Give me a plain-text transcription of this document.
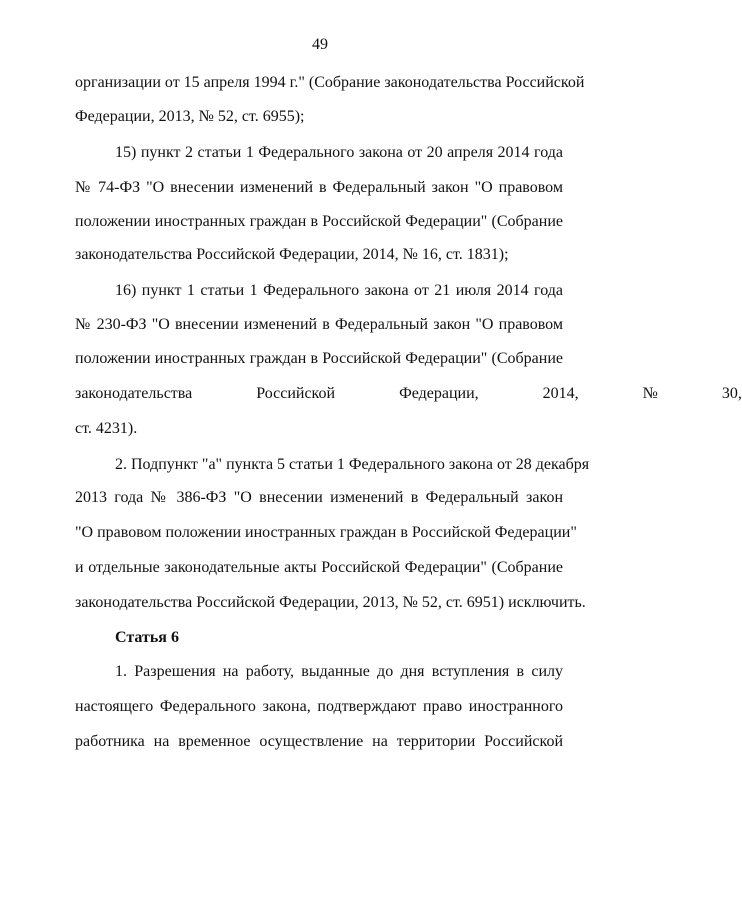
49
организации от 15 апреля 1994 г." (Собрание законодательства Российской
Федерации, 2013, № 52, ст. 6955);
15) пункт 2 статьи 1 Федерального закона от 20 апреля 2014 года
№ 74-ФЗ "О внесении изменений в Федеральный закон "О правовом
положении иностранных граждан в Российской Федерации" (Собрание
законодательства Российской Федерации, 2014, № 16, ст. 1831);
16) пункт 1 статьи 1 Федерального закона от 21 июля 2014 года
№ 230-ФЗ "О внесении изменений в Федеральный закон "О правовом
положении иностранных граждан в Российской Федерации" (Собрание
законодательства Российской Федерации, 2014, № 30,
ст. 4231).
2. Подпункт "а" пункта 5 статьи 1 Федерального закона от 28 декабря
2013 года № 386-ФЗ "О внесении изменений в Федеральный закон
"О правовом положении иностранных граждан в Российской Федерации"
и отдельные законодательные акты Российской Федерации" (Собрание
законодательства Российской Федерации, 2013, № 52, ст. 6951) исключить.
Статья 6
1. Разрешения на работу, выданные до дня вступления в силу
настоящего Федерального закона, подтверждают право иностранного
работника на временное осуществление на территории Российской
